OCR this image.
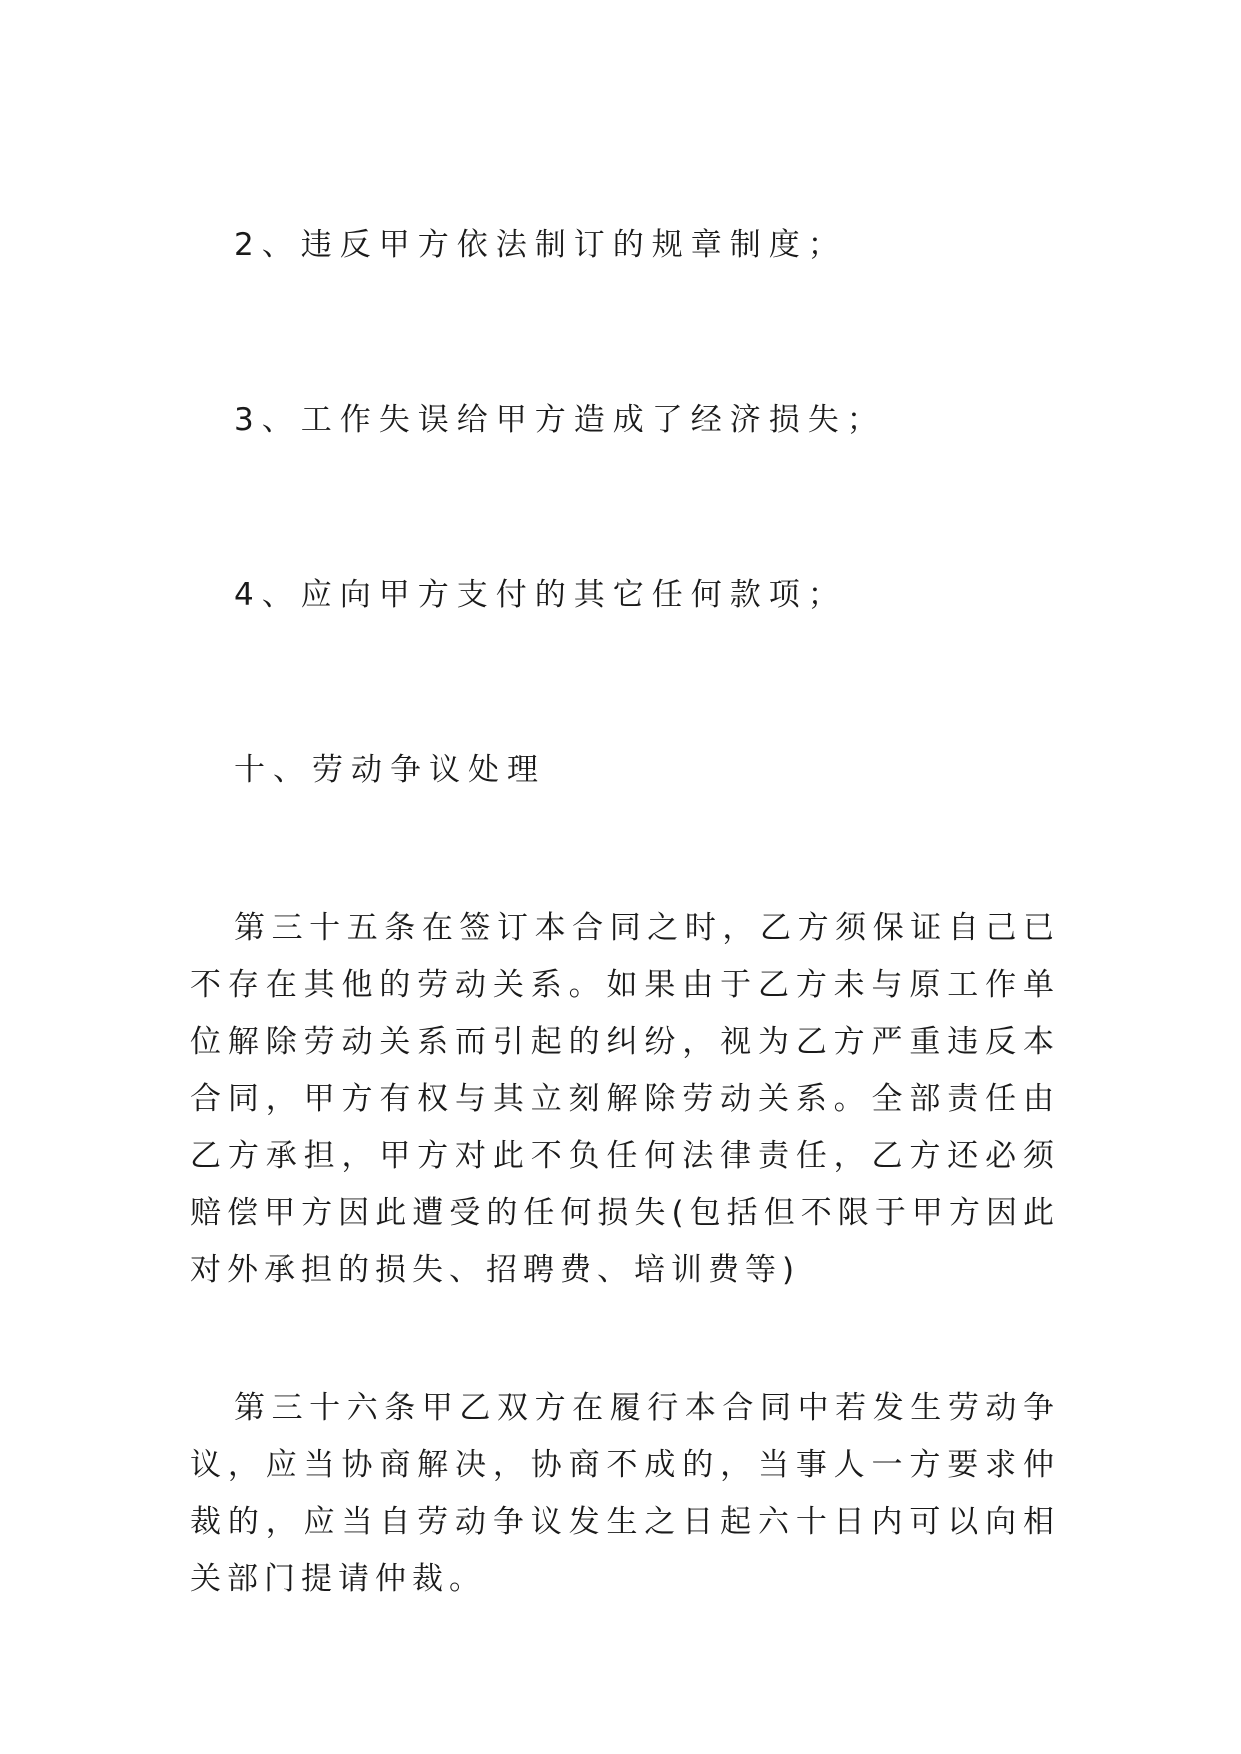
2、违反甲方依法制订的规章制度；
3、工作失误给甲方造成了经济损失；
4、应向甲方支付的其它任何款项；
十、劳动争议处理

第三十五条在签订本合同之时，乙方须保证自己已不存在其他的劳动关系。如果由于乙方未与原工作单位解除劳动关系而引起的纠纷，视为乙方严重违反本合同，甲方有权与其立刻解除劳动关系。全部责任由乙方承担，甲方对此不负任何法律责任，乙方还必须赔偿甲方因此遭受的任何损失(包括但不限于甲方因此对外承担的损失、招聘费、培训费等)

第三十六条甲乙双方在履行本合同中若发生劳动争议，应当协商解决，协商不成的，当事人一方要求仲裁的，应当自劳动争议发生之日起六十日内可以向相关部门提请仲裁。
